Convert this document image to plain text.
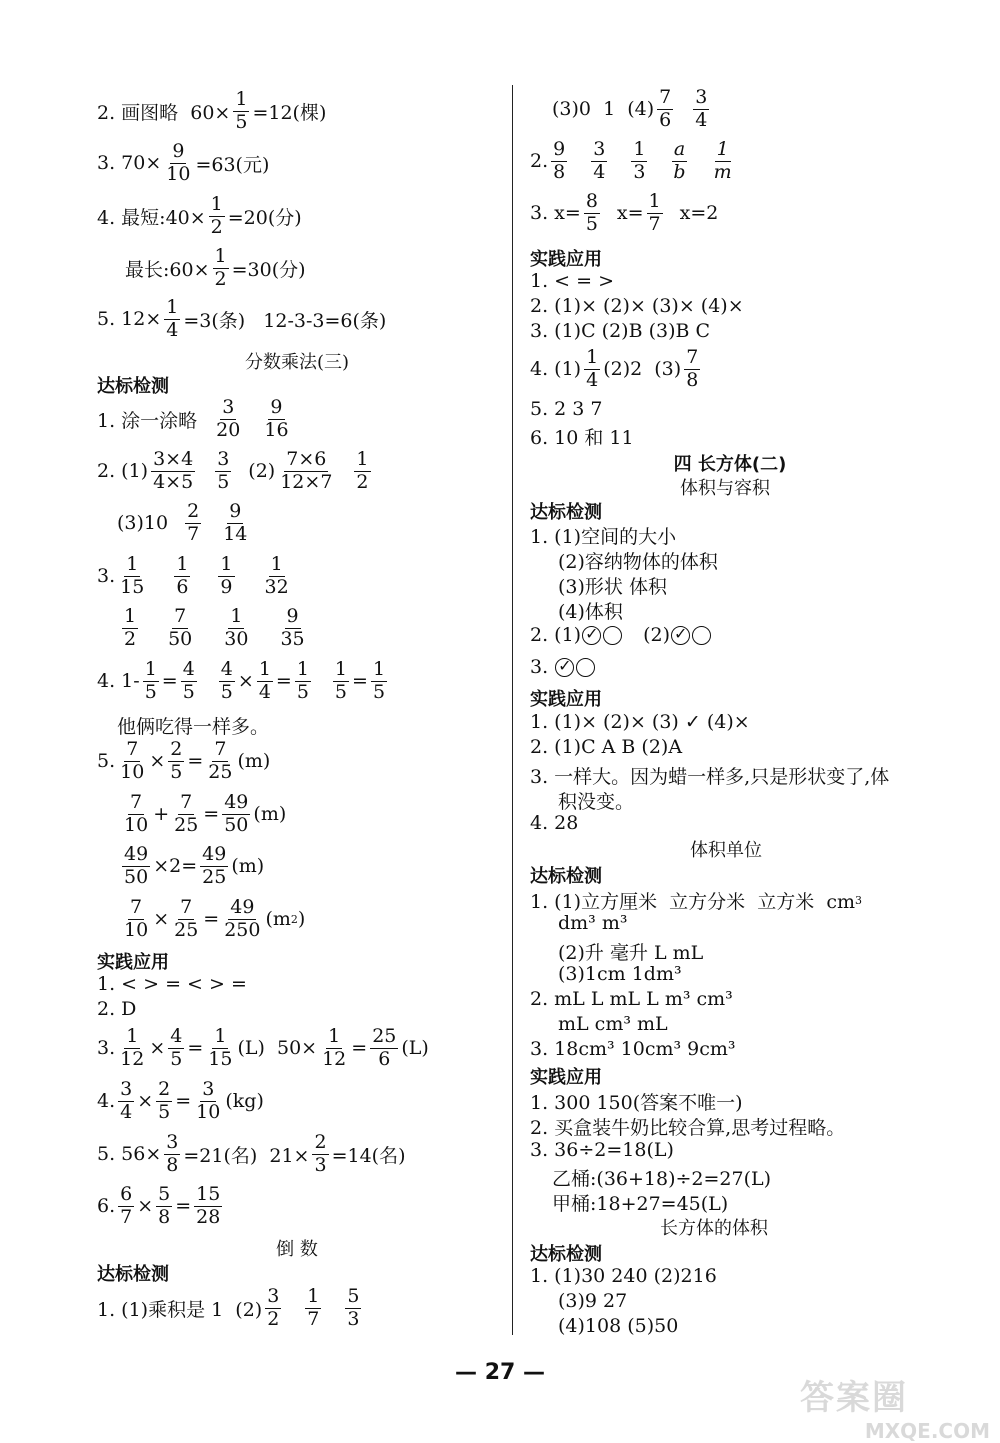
2. 画图略  $60\times \frac{1}{5} =12$(棵)
3. $70\times \frac{9}{10} =63$(元)
4. 最短:40× $\frac{1}{2} =20$(分)
最长:60× $\frac{1}{2} =30$(分)
5. $12\times \frac{1}{4} =3$(条)   12-3-3=6(条)
分数乘法(三)
达标检测
1. 涂一涂略 $\frac{3}{20} \frac{9}{16}$
2. $(1) \frac{3\times 4}{4\times 5} \frac{3}{5} (2) \frac{7\times 6}{12\times 7} \frac{1}{2}$
$(3)10 \frac{2}{7} \frac{9}{14}$
3. $\frac{1}{15} \frac{1}{6} \frac{1}{9} \frac{1}{32}$
$\frac{1}{2} \frac{7}{50} \frac{1}{30} \frac{9}{35}$
4. $1- \frac{1}{5} = \frac{4}{5} \frac{4}{5} \times \frac{1}{4} = \frac{1}{5} \frac{1}{5} = \frac{1}{5}$
他俩吃得一样多。
5. $\frac{7}{10} \times \frac{2}{5} = \frac{7}{25} (m)$
$\frac{7}{10} + \frac{7}{25} = \frac{49}{50} (m)$
$\frac{49}{50} \times 2= \frac{49}{25} (m)$
$\frac{7}{10} \times \frac{7}{25} = \frac{49}{250} (m$ 2 )
实践应用
1. < > = < > =
2. D
3. $\frac{1}{12} \times \frac{4}{5} = \frac{1}{15} (L)$  $50\times \frac{1}{12} = \frac{25}{6} (L)$
4. $\frac{3}{4} \times \frac{2}{5} = \frac{3}{10} (kg)$
5. $56\times \frac{3}{8} =21$(名)  $21\times \frac{2}{3} =14$(名)
6. $\frac{6}{7} \times \frac{5}{8} = \frac{15}{28}$
倒 数
达标检测
1. (1)乘积是 1  $(2) \frac{3}{2} \frac{1}{7} \frac{5}{3}$
(3)0  1  $(4) \frac{7}{6} \frac{3}{4}$
2. $\frac{9}{8} \frac{3}{4} \frac{1}{3} \frac{a}{b} \frac{1}{m}$
3. $x= \frac{8}{5} x= \frac{1}{7} x=2$
实践应用
1. < = >
2. (1)× (2)× (3)× (4)×
3. (1)C (2)B (3)B C
4. $(1) \frac{1}{4} (2)2$  $(3) \frac{7}{8}$
5. 2 3 7
6. 10 和 11
四 长方体(二)
体积与容积
达标检测
1. (1)空间的大小
(2)容纳物体的体积
(3)形状 体积
(4)体积
2. (1)
✓	(2)
✓
3.
✓
实践应用
1. (1)× (2)× (3) ✓ (4)×
2. (1)C A B (2)A
3. 一样大。因为蜡一样多,只是形状变了,体
积没变。
4. 28
体积单位
达标检测
1. (1)立方厘米  立方分米  立方米  cm 3
dm³ m³
(2)升 毫升 L mL
(3)1cm 1dm³
2. mL L mL L m³ cm³
mL cm³ mL
3. 18cm³ 10cm³ 9cm³
实践应用
1. 300 150(答案不唯一)
2. 买盒装牛奶比较合算,思考过程略。
3. 36÷2=18(L)
乙桶:(36+18)÷2=27(L)
甲桶:18+27=45(L)
长方体的体积
达标检测
1. (1)30 240 (2)216
(3)9 27
(4)108 (5)50
— 27 —
答案圈
MXQE.COM
